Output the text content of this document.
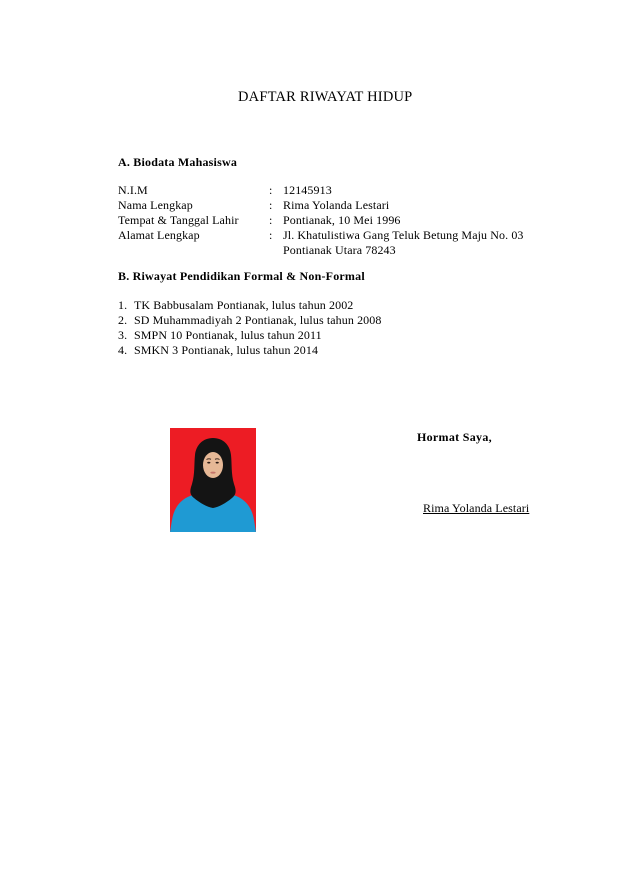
DAFTAR RIWAYAT HIDUP
A. Biodata Mahasiswa
N.I.M	: 12145913
Nama Lengkap	: Rima Yolanda Lestari
Tempat & Tanggal Lahir	: Pontianak, 10 Mei 1996
Alamat Lengkap	: Jl. Khatulistiwa Gang Teluk Betung Maju No. 03
Pontianak Utara 78243
B. Riwayat Pendidikan Formal & Non-Formal
1. TK Babbusalam Pontianak, lulus tahun 2002
2. SD Muhammadiyah 2 Pontianak, lulus tahun 2008
3. SMPN 10 Pontianak, lulus tahun 2011
4. SMKN 3 Pontianak, lulus tahun 2014
Hormat Saya,
Rima Yolanda Lestari
